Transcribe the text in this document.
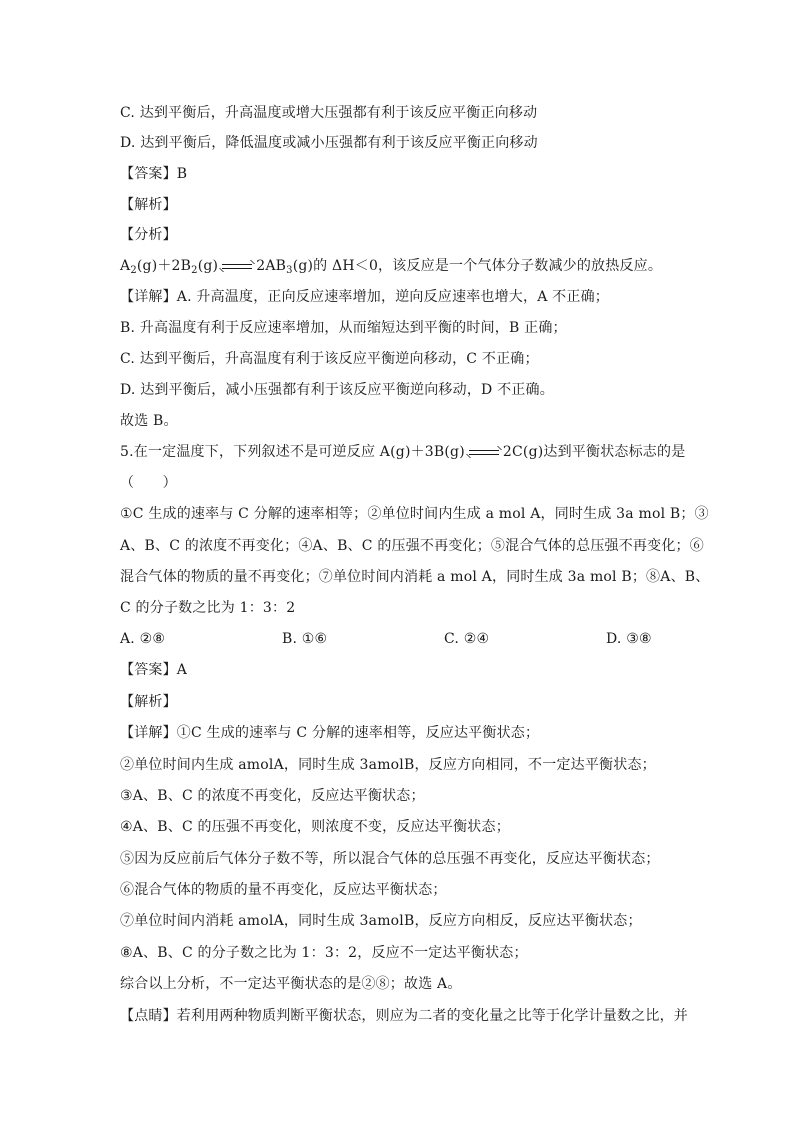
C. 达到平衡后，升高温度或增大压强都有利于该反应平衡正向移动
D. 达到平衡后，降低温度或减小压强都有利于该反应平衡正向移动
【答案】B
【解析】
【分析】
$A_2(g)+2B_2(g)$	$2AB_3(g)$的 ΔH＜0，该反应是一个气体分子数减少的放热反应。
【详解】A. 升高温度，正向反应速率增加，逆向反应速率也增大，A 不正确；
B. 升高温度有利于反应速率增加，从而缩短达到平衡的时间，B 正确；
C. 达到平衡后，升高温度有利于该反应平衡逆向移动，C 不正确；
D. 达到平衡后，减小压强都有利于该反应平衡逆向移动，D 不正确。
故选 B。
5.在一定温度下，下列叙述不是可逆反应 A(g)＋3B(g)	2C(g)达到平衡状态标志的是
（　　）
①C 生成的速率与 C 分解的速率相等；②单位时间内生成 a mol A，同时生成 3a mol B；③
A、B、C 的浓度不再变化；④A、B、C 的压强不再变化；⑤混合气体的总压强不再变化；⑥
混合气体的物质的量不再变化；⑦单位时间内消耗 a mol A，同时生成 3a mol B；⑧A、B、
C 的分子数之比为 1：3：2
A. ②⑧	B. ①⑥	C. ②④	D. ③⑧
【答案】A
【解析】
【详解】①C 生成的速率与 C 分解的速率相等，反应达平衡状态；
②单位时间内生成 amolA，同时生成 3amolB，反应方向相同，不一定达平衡状态；
③A、B、C 的浓度不再变化，反应达平衡状态；
④A、B、C 的压强不再变化，则浓度不变，反应达平衡状态；
⑤因为反应前后气体分子数不等，所以混合气体的总压强不再变化，反应达平衡状态；
⑥混合气体的物质的量不再变化，反应达平衡状态；
⑦单位时间内消耗 amolA，同时生成 3amolB，反应方向相反，反应达平衡状态；
⑧A、B、C 的分子数之比为 1：3：2，反应不一定达平衡状态；
综合以上分析，不一定达平衡状态的是②⑧；故选 A。
【点睛】若利用两种物质判断平衡状态，则应为二者的变化量之比等于化学计量数之比，并
